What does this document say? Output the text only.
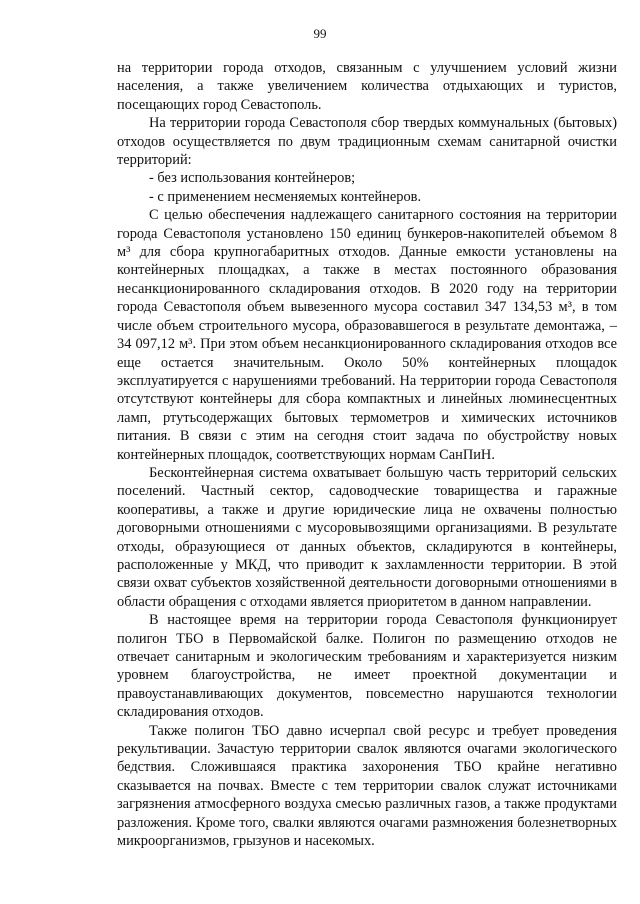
99

на территории города отходов, связанным с улучшением условий жизни населения, а также увеличением количества отдыхающих и туристов, посещающих город Севастополь.

На территории города Севастополя сбор твердых коммунальных (бытовых) отходов осуществляется по двум традиционным схемам санитарной очистки территорий:

- без использования контейнеров;

- с применением несменяемых контейнеров.

С целью обеспечения надлежащего санитарного состояния на территории города Севастополя установлено 150 единиц бункеров-накопителей объемом 8 м³ для сбора крупногабаритных отходов. Данные емкости установлены на контейнерных площадках, а также в местах постоянного образования несанкционированного складирования отходов. В 2020 году на территории города Севастополя объем вывезенного мусора составил 347 134,53 м³, в том числе объем строительного мусора, образовавшегося в результате демонтажа, – 34 097,12 м³. При этом объем несанкционированного складирования отходов все еще остается значительным. Около 50% контейнерных площадок эксплуатируется с нарушениями требований. На территории города Севастополя отсутствуют контейнеры для сбора компактных и линейных люминесцентных ламп, ртутьсодержащих бытовых термометров и химических источников питания. В связи с этим на сегодня стоит задача по обустройству новых контейнерных площадок, соответствующих нормам СанПиН.

Бесконтейнерная система охватывает большую часть территорий сельских поселений. Частный сектор, садоводческие товарищества и гаражные кооперативы, а также и другие юридические лица не охвачены полностью договорными отношениями с мусоровывозящими организациями. В результате отходы, образующиеся от данных объектов, складируются в контейнеры, расположенные у МКД, что приводит к захламленности территории. В этой связи охват субъектов хозяйственной деятельности договорными отношениями в области обращения с отходами является приоритетом в данном направлении.

В настоящее время на территории города Севастополя функционирует полигон ТБО в Первомайской балке. Полигон по размещению отходов не отвечает санитарным и экологическим требованиям и характеризуется низким уровнем благоустройства, не имеет проектной документации и правоустанавливающих документов, повсеместно нарушаются технологии складирования отходов.

Также полигон ТБО давно исчерпал свой ресурс и требует проведения рекультивации. Зачастую территории свалок являются очагами экологического бедствия. Сложившаяся практика захоронения ТБО крайне негативно сказывается на почвах. Вместе с тем территории свалок служат источниками загрязнения атмосферного воздуха смесью различных газов, а также продуктами разложения. Кроме того, свалки являются очагами размножения болезнетворных микроорганизмов, грызунов и насекомых.
